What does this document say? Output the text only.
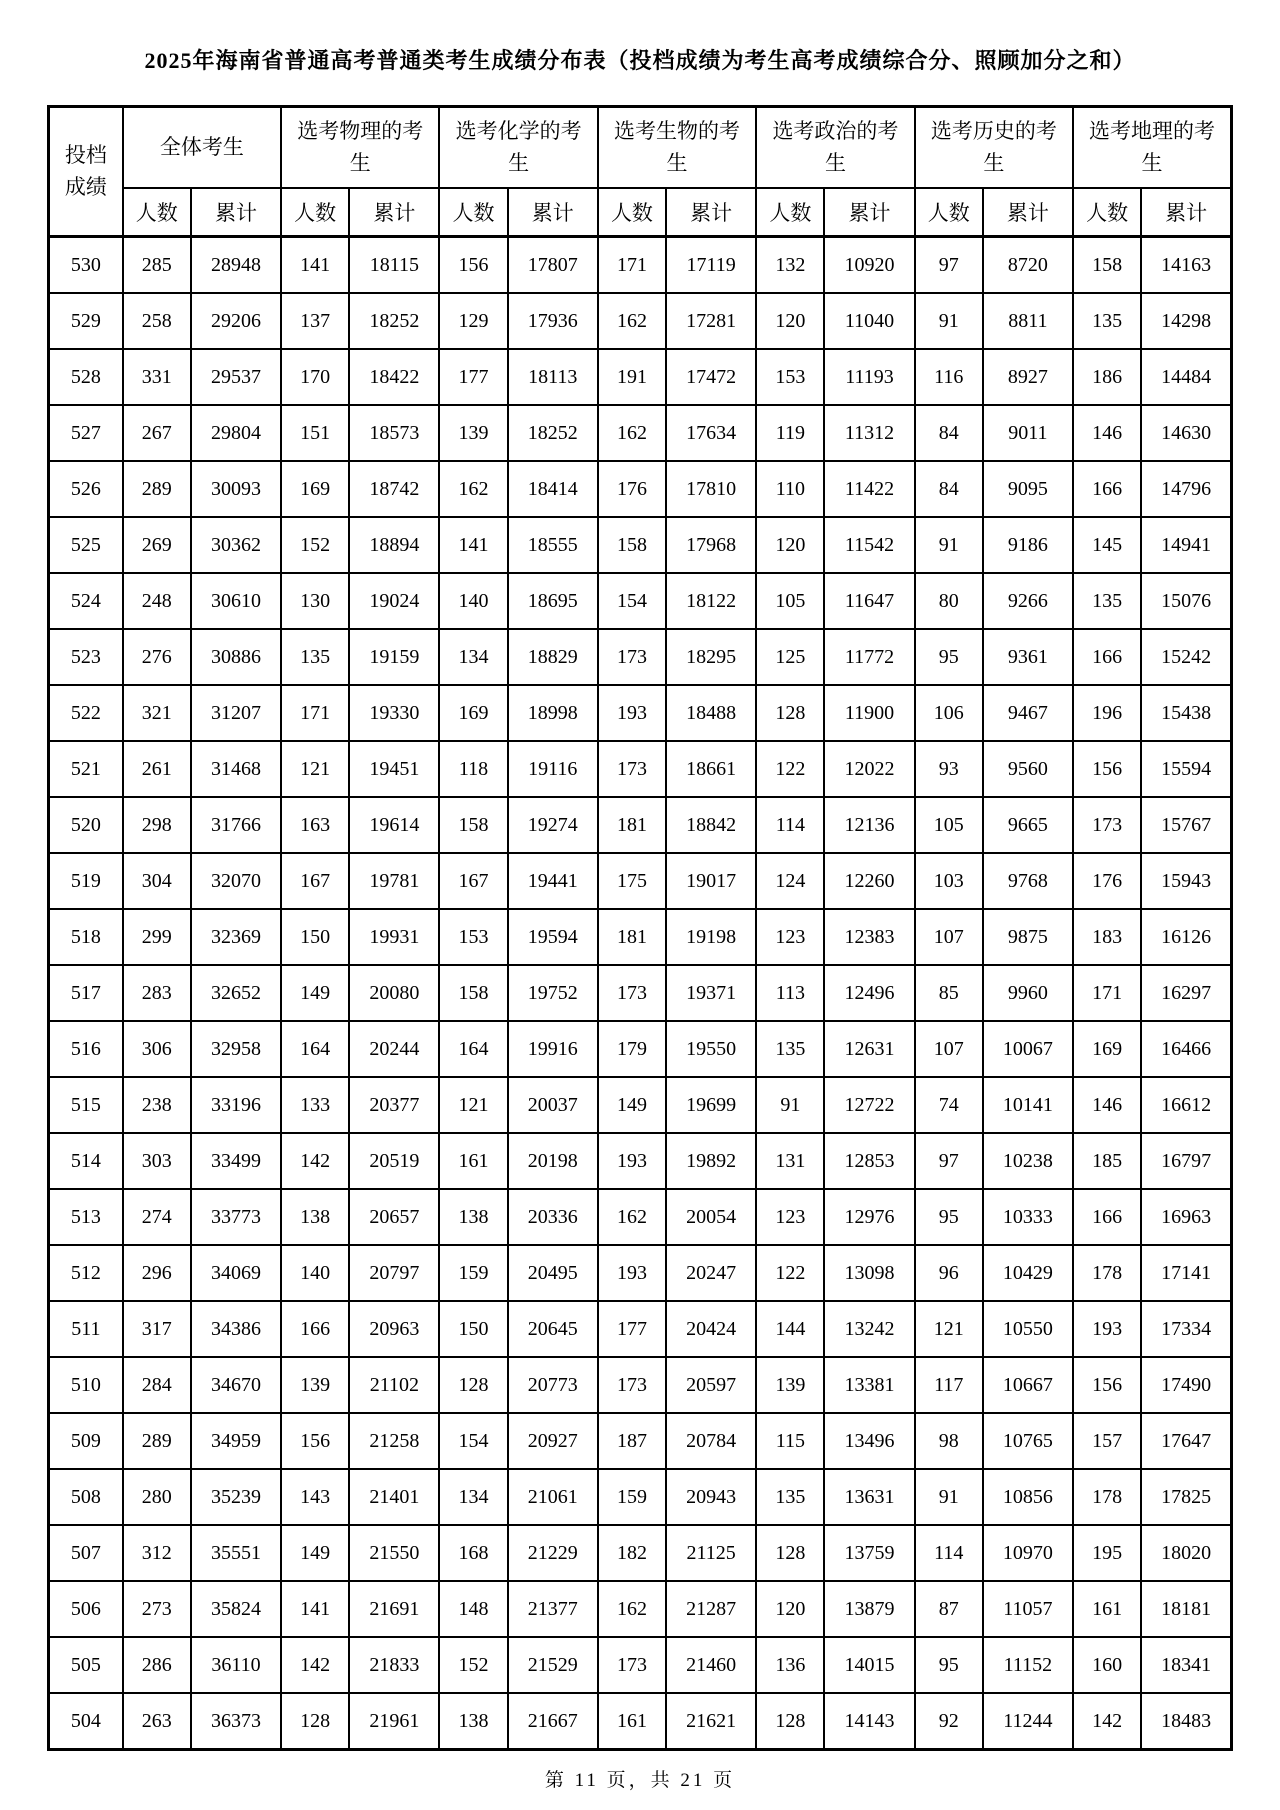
2025年海南省普通高考普通类考生成绩分布表（投档成绩为考生高考成绩综合分、照顾加分之和）
投档成绩	全体考生		选考物理的考生		选考化学的考生		选考生物的考生		选考政治的考生		选考历史的考生		选考地理的考生	
	人数	累计	人数	累计	人数	累计	人数	累计	人数	累计	人数	累计	人数	累计
530	285	28948	141	18115	156	17807	171	17119	132	10920	97	8720	158	14163
529	258	29206	137	18252	129	17936	162	17281	120	11040	91	8811	135	14298
528	331	29537	170	18422	177	18113	191	17472	153	11193	116	8927	186	14484
527	267	29804	151	18573	139	18252	162	17634	119	11312	84	9011	146	14630
526	289	30093	169	18742	162	18414	176	17810	110	11422	84	9095	166	14796
525	269	30362	152	18894	141	18555	158	17968	120	11542	91	9186	145	14941
524	248	30610	130	19024	140	18695	154	18122	105	11647	80	9266	135	15076
523	276	30886	135	19159	134	18829	173	18295	125	11772	95	9361	166	15242
522	321	31207	171	19330	169	18998	193	18488	128	11900	106	9467	196	15438
521	261	31468	121	19451	118	19116	173	18661	122	12022	93	9560	156	15594
520	298	31766	163	19614	158	19274	181	18842	114	12136	105	9665	173	15767
519	304	32070	167	19781	167	19441	175	19017	124	12260	103	9768	176	15943
518	299	32369	150	19931	153	19594	181	19198	123	12383	107	9875	183	16126
517	283	32652	149	20080	158	19752	173	19371	113	12496	85	9960	171	16297
516	306	32958	164	20244	164	19916	179	19550	135	12631	107	10067	169	16466
515	238	33196	133	20377	121	20037	149	19699	91	12722	74	10141	146	16612
514	303	33499	142	20519	161	20198	193	19892	131	12853	97	10238	185	16797
513	274	33773	138	20657	138	20336	162	20054	123	12976	95	10333	166	16963
512	296	34069	140	20797	159	20495	193	20247	122	13098	96	10429	178	17141
511	317	34386	166	20963	150	20645	177	20424	144	13242	121	10550	193	17334
510	284	34670	139	21102	128	20773	173	20597	139	13381	117	10667	156	17490
509	289	34959	156	21258	154	20927	187	20784	115	13496	98	10765	157	17647
508	280	35239	143	21401	134	21061	159	20943	135	13631	91	10856	178	17825
507	312	35551	149	21550	168	21229	182	21125	128	13759	114	10970	195	18020
506	273	35824	141	21691	148	21377	162	21287	120	13879	87	11057	161	18181
505	286	36110	142	21833	152	21529	173	21460	136	14015	95	11152	160	18341
504	263	36373	128	21961	138	21667	161	21621	128	14143	92	11244	142	18483
第 11 页，共 21 页
